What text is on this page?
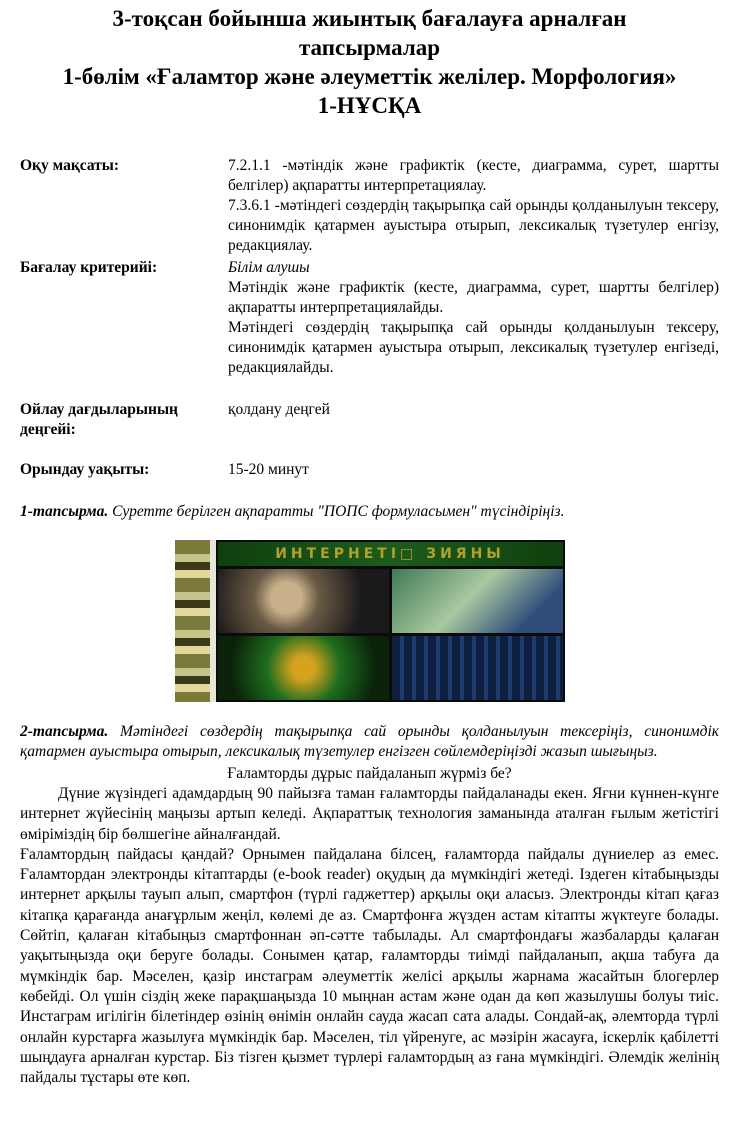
3-тоқсан бойынша жиынтық бағалауға арналған

тапсырмалар

1-бөлім «Ғаламтор және әлеуметтік желілер. Морфология»

1-НҰСҚА

Оқу мақсаты:	7.2.1.1 -мәтіндік және графиктік (кесте, диаграмма, сурет, шартты белгілер) ақпаратты интерпретациялау.

7.3.6.1 -мәтіндегі сөздердің тақырыпқа сай орынды қолданылуын тексеру, синонимдік қатармен ауыстыра отырып, лексикалық түзетулер енгізу, редакциялау.

Бағалау критерийі:	Білім алушы

Мәтіндік және графиктік (кесте, диаграмма, сурет, шартты белгілер) ақпаратты интерпретациялайды.

Мәтіндегі сөздердің тақырыпқа сай орынды қолданылуын тексеру, синонимдік қатармен ауыстыра отырып, лексикалық түзетулер енгізеді, редакциялайды.

Ойлау дағдыларының деңгейі:
қолдану деңгей
Орындау уақыты:	15-20 минут

1-тапсырма. Суретте берілген ақпаратты "ПОПС формуласымен" түсіндіріңіз.

ИНТЕРНЕТІ□ ЗИЯНЫ

2-тапсырма. Мәтіндегі сөздердің тақырыпқа сай орынды қолданылуын тексеріңіз, синонимдік қатармен ауыстыра отырып, лексикалық түзетулер енгізген сөйлемдеріңізді жазып шығыңыз.

Ғаламторды дұрыс пайдаланып жүрміз бе?

Дүние жүзіндегі адамдардың 90 пайызға таман ғаламторды пайдаланады екен. Яғни күннен-күнге интернет жүйесінің маңызы артып келеді. Ақпараттық технология заманында аталған ғылым жетістігі өміріміздің бір бөлшегіне айналғандай.

Ғаламтордың пайдасы қандай? Орнымен пайдалана білсең, ғаламторда пайдалы дүниелер аз емес. Ғаламтордан электронды кітаптарды (e-book reader) оқудың да мүмкіндігі жетеді. Іздеген кітабыңызды интернет арқылы тауып алып, смартфон (түрлі гаджеттер) арқылы оқи аласыз. Электронды кітап қағаз кітапқа қарағанда анағұрлым жеңіл, көлемі де аз. Смартфонға жүзден астам кітапты жүктеуге болады. Сөйтіп, қалаған кітабыңыз смартфоннан әп-сәтте табылады. Ал смартфондағы жазбаларды қалаған уақытыңызда оқи беруге болады. Сонымен қатар, ғаламторды тиімді пайдаланып, ақша табуға да мүмкіндік бар. Мәселен, қазір инстаграм әлеуметтік желісі арқылы жарнама жасайтын блогерлер көбейді. Ол үшін сіздің жеке парақшаңызда 10 мыңнан астам және одан да көп жазылушы болуы тиіс. Инстаграм игілігін білетіндер өзінің өнімін онлайн сауда жасап сата алады. Сондай-ақ, әлемторда түрлі онлайн курстарға жазылуға мүмкіндік бар. Мәселен, тіл үйренуге, ас мәзірін жасауға, іскерлік қабілетті шыңдауға арналған курстар. Біз тізген қызмет түрлері ғаламтордың аз ғана мүмкіндігі. Әлемдік желінің пайдалы тұстары өте көп.
